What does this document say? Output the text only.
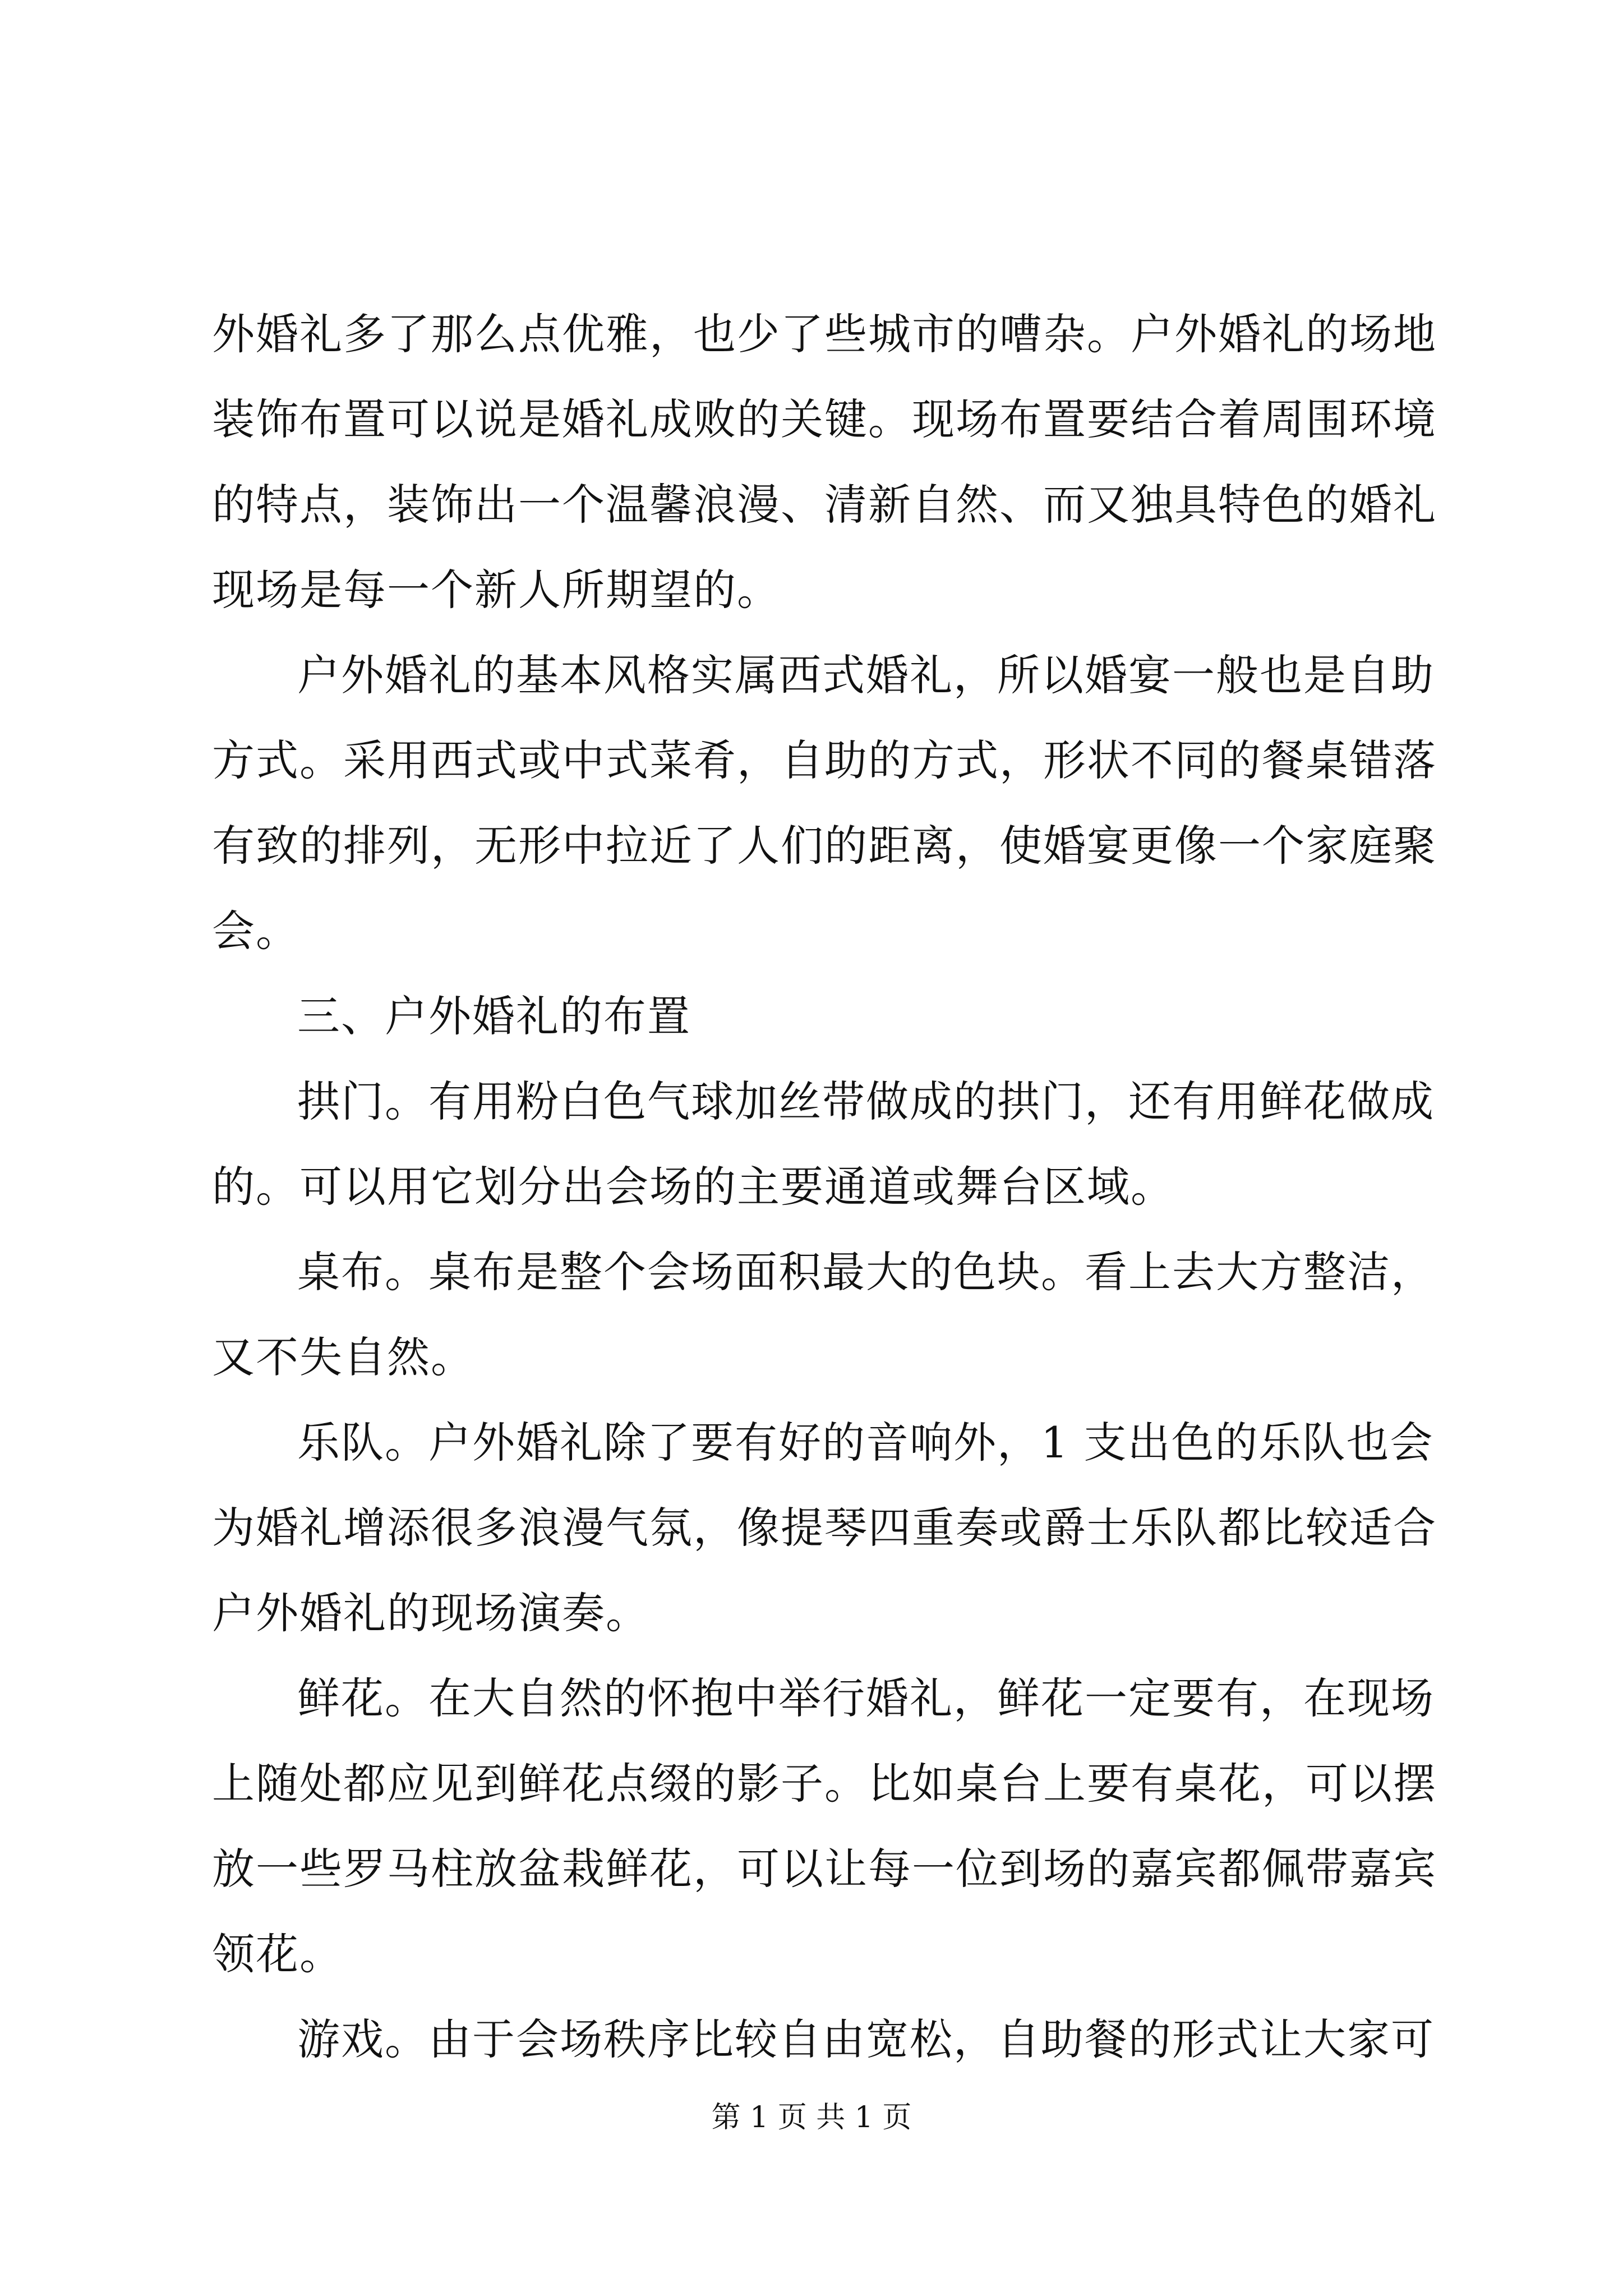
外婚礼多了那么点优雅，也少了些城市的嘈杂。户外婚礼的场地
装饰布置可以说是婚礼成败的关键。现场布置要结合着周围环境
的特点，装饰出一个温馨浪漫、清新自然、而又独具特色的婚礼
现场是每一个新人所期望的。
户外婚礼的基本风格实属西式婚礼，所以婚宴一般也是自助
方式。采用西式或中式菜肴，自助的方式，形状不同的餐桌错落
有致的排列，无形中拉近了人们的距离，使婚宴更像一个家庭聚
会。
三、户外婚礼的布置
拱门。有用粉白色气球加丝带做成的拱门，还有用鲜花做成
的。可以用它划分出会场的主要通道或舞台区域。
桌布。桌布是整个会场面积最大的色块。看上去大方整洁，
又不失自然。
乐队。户外婚礼除了要有好的音响外，1 支出色的乐队也会
为婚礼增添很多浪漫气氛，像提琴四重奏或爵士乐队都比较适合
户外婚礼的现场演奏。
鲜花。在大自然的怀抱中举行婚礼，鲜花一定要有，在现场
上随处都应见到鲜花点缀的影子。比如桌台上要有桌花，可以摆
放一些罗马柱放盆栽鲜花，可以让每一位到场的嘉宾都佩带嘉宾
领花。
游戏。由于会场秩序比较自由宽松，自助餐的形式让大家可
第 1 页 共 1 页
